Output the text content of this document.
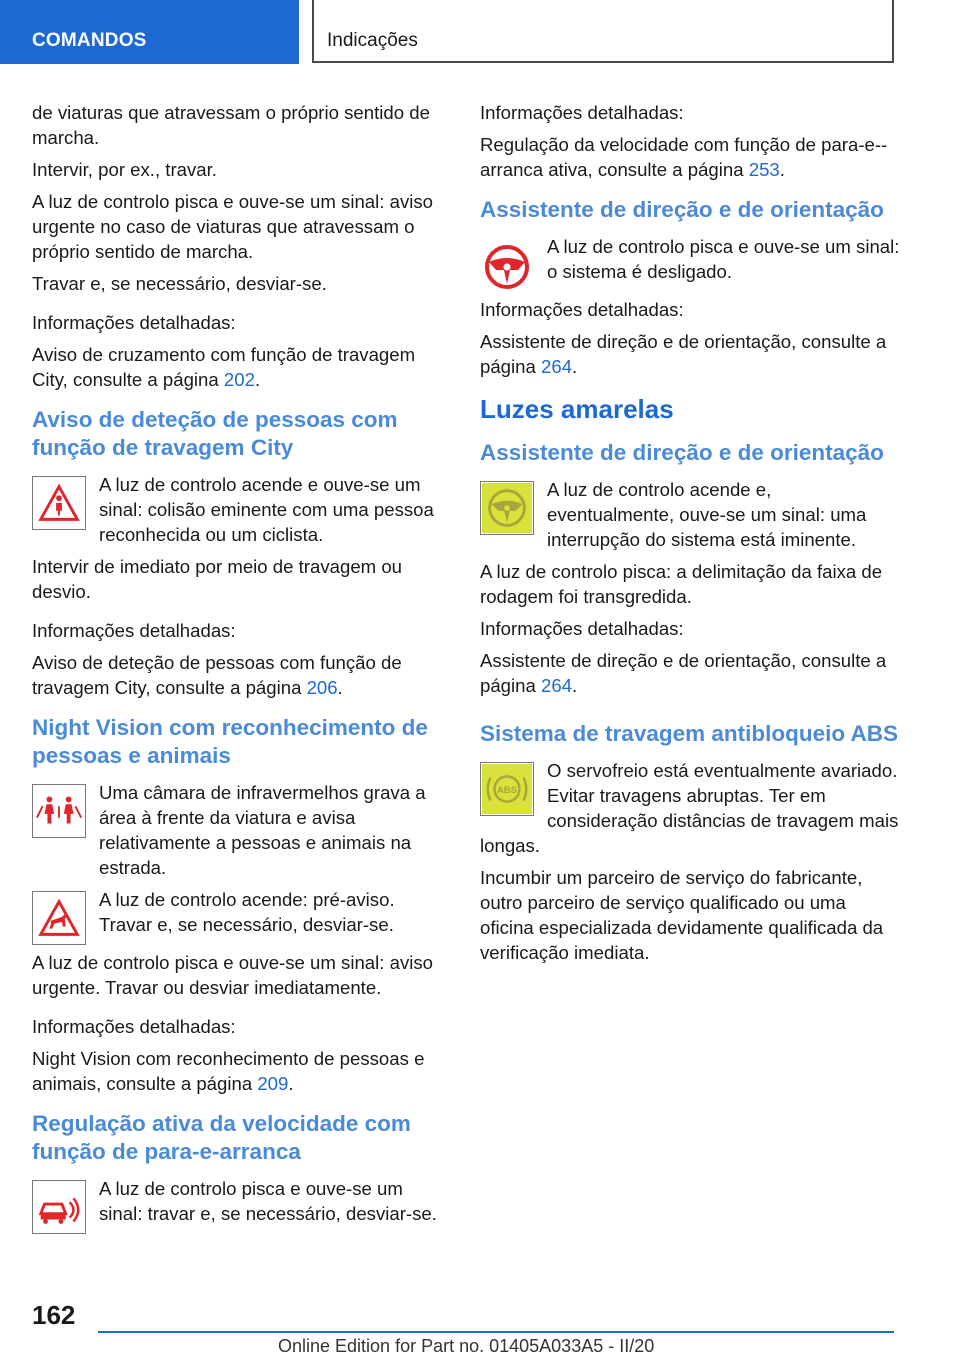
COMANDOS	Indicações

de viaturas que atravessam o próprio sentido de marcha.

Intervir, por ex., travar.

A luz de controlo pisca e ouve-se um sinal: aviso urgente no caso de viaturas que atravessam o próprio sentido de marcha.

Travar e, se necessário, desviar-se.

Informações detalhadas:

Aviso de cruzamento com função de travagem City, consulte a página 202.

Aviso de deteção de pessoas com função de travagem City

A luz de controlo acende e ouve-se um sinal: colisão eminente com uma pessoa reconhecida ou um ciclista.

Intervir de imediato por meio de travagem ou desvio.

Informações detalhadas:

Aviso de deteção de pessoas com função de travagem City, consulte a página 206.

Night Vision com reconhecimento de pessoas e animais

Uma câmara de infravermelhos grava a área à frente da viatura e avisa relativamente a pessoas e animais na estrada.

A luz de controlo acende: pré-aviso. Travar e, se necessário, desviar-se.

A luz de controlo pisca e ouve-se um sinal: aviso urgente. Travar ou desviar imediatamente.

Informações detalhadas:

Night Vision com reconhecimento de pessoas e animais, consulte a página 209.

Regulação ativa da velocidade com função de para-e-arranca

A luz de controlo pisca e ouve-se um sinal: travar e, se necessário, desviar-se.

Informações detalhadas:

Regulação da velocidade com função de para-e--arranca ativa, consulte a página 253.

Assistente de direção e de orientação

A luz de controlo pisca e ouve-se um sinal: o sistema é desligado.

Informações detalhadas:

Assistente de direção e de orientação, consulte a página 264.

Luzes amarelas
Assistente de direção e de orientação

A luz de controlo acende e, eventualmente, ouve-se um sinal: uma interrupção do sistema está iminente.

A luz de controlo pisca: a delimitação da faixa de rodagem foi transgredida.

Informações detalhadas:

Assistente de direção e de orientação, consulte a página 264.

Sistema de travagem antibloqueio ABS

ABS
O servofreio está eventualmente avariado. Evitar travagens abruptas. Ter em consideração distâncias de travagem mais longas.

Incumbir um parceiro de serviço do fabricante, outro parceiro de serviço qualificado ou uma oficina especializada devidamente qualificada da verificação imediata.

162
Online Edition for Part no. 01405A033A5 - II/20
